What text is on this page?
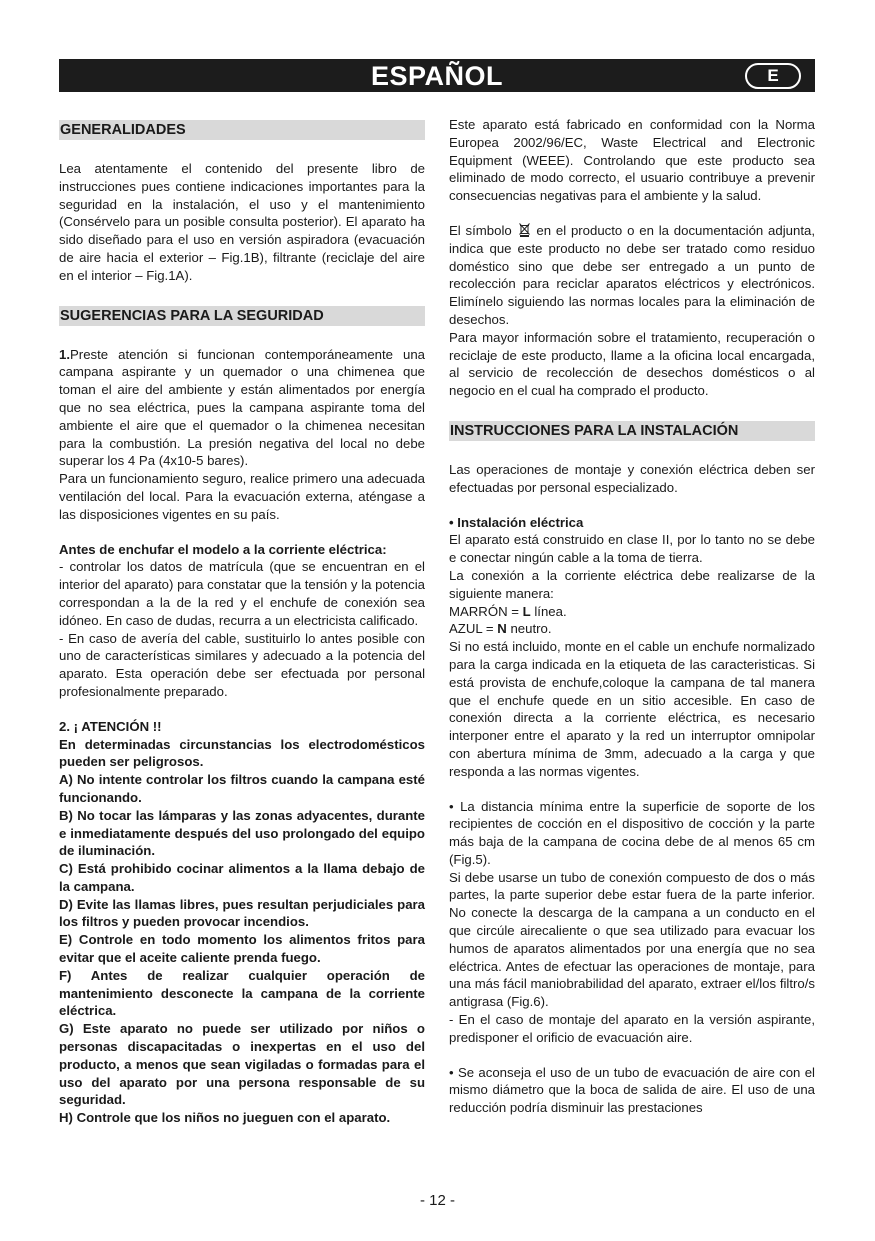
ESPAÑOL	E
GENERALIDADES

Lea atentamente el contenido del presente libro de instrucciones pues contiene indicaciones importantes para la seguridad en la instalación, el uso y el mantenimiento (Consérvelo para un posible consulta posterior). El aparato ha sido diseñado para el uso en versión aspiradora (evacuación de aire hacia el exterior – Fig.1B), filtrante (reciclaje del aire en el interior – Fig.1A).

SUGERENCIAS PARA LA SEGURIDAD

1.Preste atención si funcionan contemporáneamente una campana aspirante y un quemador o una chimenea que toman el aire del ambiente y están alimentados por energía que no sea eléctrica, pues la campana aspirante toma del ambiente el aire que el quemador o la chimenea necesitan para la combustión. La presión negativa del local no debe superar los 4 Pa (4x10-5 bares).

Para un funcionamiento seguro, realice primero una adecuada ventilación del local. Para la evacuación externa, aténgase a las disposiciones vigentes en su país.

Antes de enchufar el modelo a la corriente eléctrica:

- controlar los datos de matrícula (que se encuentran en el interior del aparato) para constatar que la tensión y la potencia correspondan a la de la red y el enchufe de conexión sea idóneo. En caso de dudas, recurra a un electricista calificado.

- En caso de avería del cable, sustituirlo lo antes posible con uno de características similares y adecuado a la potencia del aparato. Esta operación debe ser efectuada por personal profesionalmente preparado.

2. ¡ ATENCIÓN !!

En determinadas circunstancias los electrodomésticos pueden ser peligrosos.

A) No intente controlar los filtros cuando la campana esté funcionando.

B) No tocar las lámparas y las zonas adyacentes, durante e inmediatamente después del uso prolongado del equipo de iluminación.

C) Está prohibido cocinar alimentos a la llama debajo de la campana.

D) Evite las llamas libres, pues resultan perjudiciales para los filtros y pueden provocar incendios.

E) Controle en todo momento los alimentos fritos para evitar que el aceite caliente prenda fuego.

F) Antes de realizar cualquier operación de mantenimiento desconecte la campana de la corriente eléctrica.

G) Este aparato no puede ser utilizado por niños o personas discapacitadas o inexpertas en el uso del producto, a menos que sean vigiladas o formadas para el uso del aparato por una persona responsable de su seguridad.

H) Controle que los niños no jueguen con el aparato.

Este aparato está fabricado en conformidad con la Norma Europea 2002/96/EC, Waste Electrical and Electronic Equipment (WEEE). Controlando que este producto sea eliminado de modo correcto, el usuario contribuye a prevenir consecuencias negativas para el ambiente y la salud.

El símbolo en el producto o en la documentación adjunta, indica que este producto no debe ser tratado como residuo doméstico sino que debe ser entregado a un punto de recolección para reciclar aparatos eléctricos y electrónicos. Elimínelo siguiendo las normas locales para la eliminación de desechos.

Para mayor información sobre el tratamiento, recuperación o reciclaje de este producto, llame a la oficina local encargada, al servicio de recolección de desechos domésticos o al negocio en el cual ha comprado el producto.

INSTRUCCIONES PARA LA INSTALACIÓN

Las operaciones de montaje y conexión eléctrica deben ser efectuadas por personal especializado.

• Instalación eléctrica

El aparato está construido en clase II, por lo tanto no se debe e conectar ningún cable a la toma de tierra.

La conexión a la corriente eléctrica debe realizarse de la siguiente manera:

MARRÓN = L línea.

AZUL = N neutro.

Si no está incluido, monte en el cable un enchufe normalizado para la carga indicada en la etiqueta de las caracteristicas. Si está provista de enchufe,coloque la campana de tal manera que el enchufe quede en un sitio accesible. En caso de conexión directa a la corriente eléctrica, es necesario interponer entre el aparato y la red un interruptor omnipolar con abertura mínima de 3mm, adecuado a la carga y que responda a las normas vigentes.

• La distancia mínima entre la superficie de soporte de los recipientes de cocción en el dispositivo de cocción y la parte más baja de la campana de cocina debe de al menos 65 cm (Fig.5).

Si debe usarse un tubo de conexión compuesto de dos o más partes, la parte superior debe estar fuera de la parte inferior. No conecte la descarga de la campana a un conducto en el que circúle airecaliente o que sea utilizado para evacuar los humos de aparatos alimentados por una energía que no sea eléctrica. Antes de efectuar las operaciones de montaje, para una más fácil maniobrabilidad del aparato, extraer el/los filtro/s antigrasa (Fig.6).

- En el caso de montaje del aparato en la versión aspirante, predisponer el orificio de evacuación aire.

• Se aconseja el uso de un tubo de evacuación de aire con el mismo diámetro que la boca de salida de aire. El uso de una reducción podría disminuir las prestaciones

- 12 -
